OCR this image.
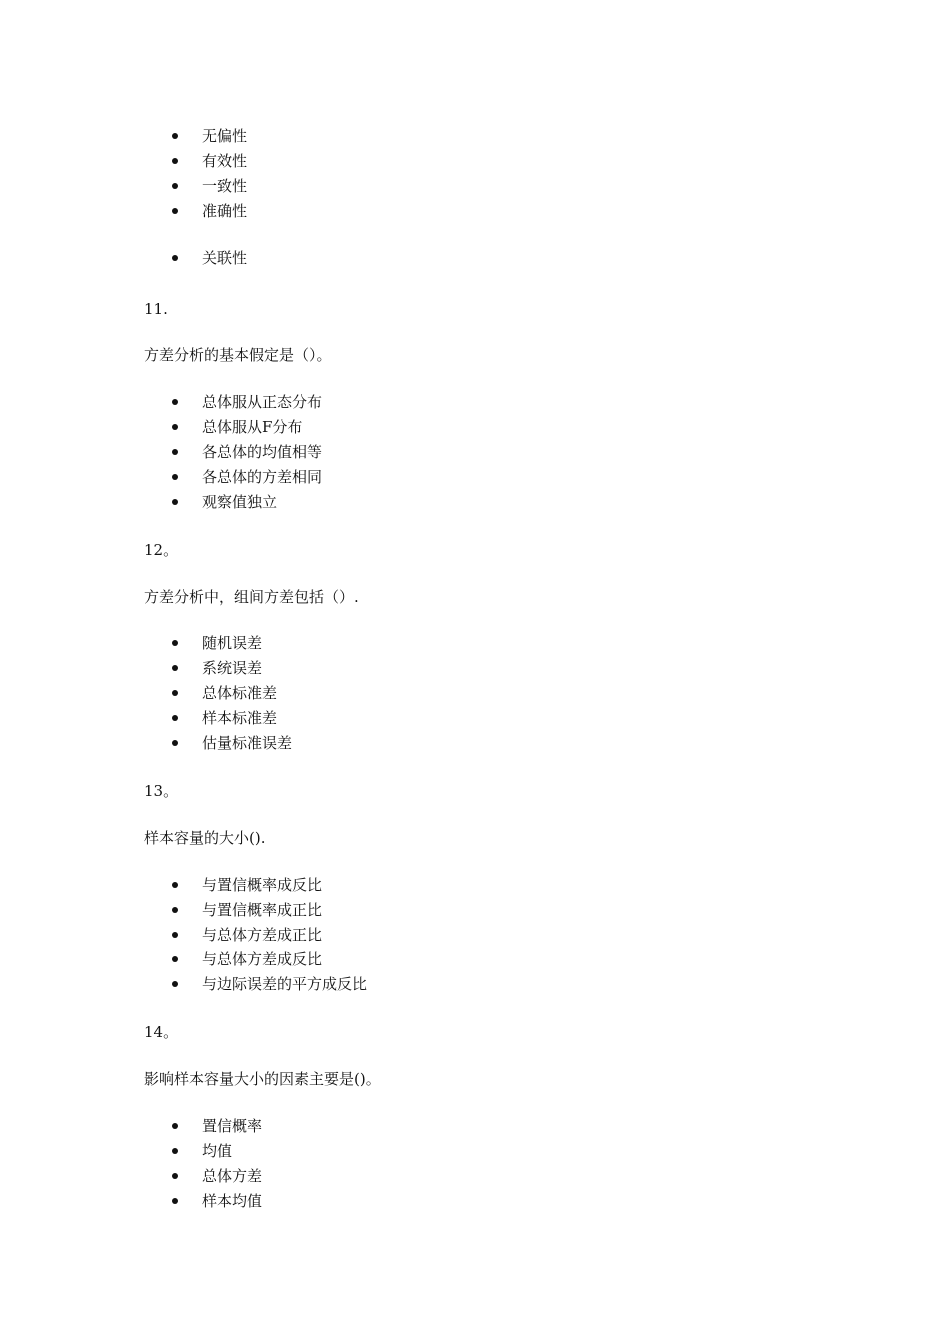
无偏性
有效性
一致性
准确性
关联性
11.
方差分析的基本假定是（）。
总体服从正态分布
总体服从F分布
各总体的均值相等
各总体的方差相同
观察值独立
12。
方差分析中，组间方差包括（）.
随机误差
系统误差
总体标准差
样本标准差
估量标准误差
13。
样本容量的大小().
与置信概率成反比
与置信概率成正比
与总体方差成正比
与总体方差成反比
与边际误差的平方成反比
14。
影响样本容量大小的因素主要是()。
置信概率
均值
总体方差
样本均值
